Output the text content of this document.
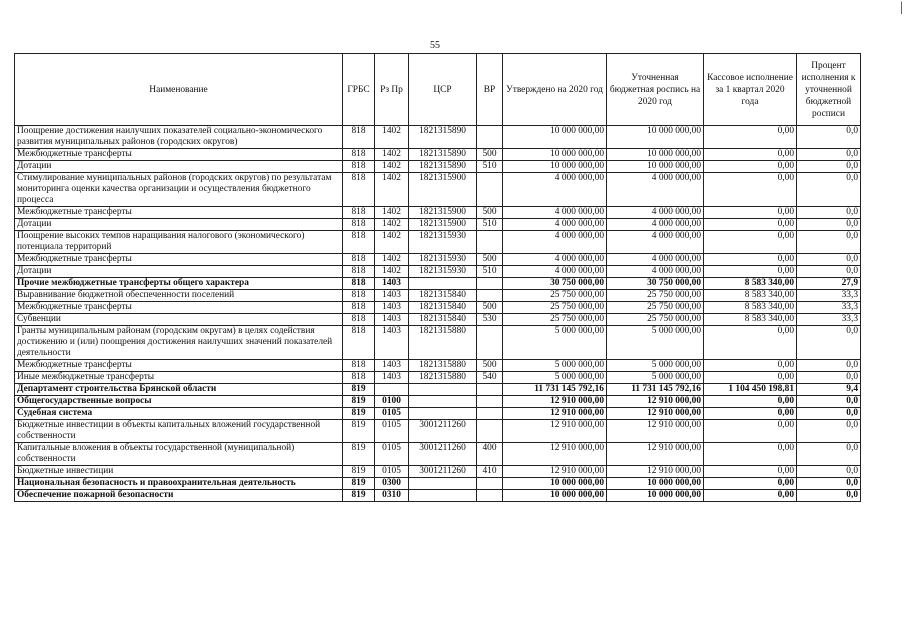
55
|
Наименование	ГРБС	Рз Пр	ЦСР	ВР	Утверждено на 2020 год	Уточненная бюджетная роспись на 2020 год	Кассовое исполнение за 1 квартал 2020 года	Процент исполнения к уточненной бюджетной росписи
Поощрение достижения наилучших показателей социально-экономического развития муниципальных районов (городских округов)	818	1402	1821315890		10 000 000,00	10 000 000,00	0,00	0,0
Межбюджетные трансферты	818	1402	1821315890	500	10 000 000,00	10 000 000,00	0,00	0,0
Дотации	818	1402	1821315890	510	10 000 000,00	10 000 000,00	0,00	0,0
Стимулирование муниципальных районов (городских округов) по результатам мониторинга оценки качества организации и осуществления бюджетного процесса	818	1402	1821315900		4 000 000,00	4 000 000,00	0,00	0,0
Межбюджетные трансферты	818	1402	1821315900	500	4 000 000,00	4 000 000,00	0,00	0,0
Дотации	818	1402	1821315900	510	4 000 000,00	4 000 000,00	0,00	0,0
Поощрение высоких темпов наращивания налогового (экономического) потенциала территорий	818	1402	1821315930		4 000 000,00	4 000 000,00	0,00	0,0
Межбюджетные трансферты	818	1402	1821315930	500	4 000 000,00	4 000 000,00	0,00	0,0
Дотации	818	1402	1821315930	510	4 000 000,00	4 000 000,00	0,00	0,0
Прочие межбюджетные трансферты общего характера	818	1403			30 750 000,00	30 750 000,00	8 583 340,00	27,9
Выравнивание бюджетной обеспеченности поселений	818	1403	1821315840		25 750 000,00	25 750 000,00	8 583 340,00	33,3
Межбюджетные трансферты	818	1403	1821315840	500	25 750 000,00	25 750 000,00	8 583 340,00	33,3
Субвенции	818	1403	1821315840	530	25 750 000,00	25 750 000,00	8 583 340,00	33,3
Гранты муниципальным районам (городским округам) в целях содействия достижению и (или) поощрения достижения наилучших значений показателей деятельности	818	1403	1821315880		5 000 000,00	5 000 000,00	0,00	0,0
Межбюджетные трансферты	818	1403	1821315880	500	5 000 000,00	5 000 000,00	0,00	0,0
Иные межбюджетные трансферты	818	1403	1821315880	540	5 000 000,00	5 000 000,00	0,00	0,0
Департамент строительства Брянской области	819				11 731 145 792,16	11 731 145 792,16	1 104 450 198,81	9,4
Общегосударственные вопросы	819	0100			12 910 000,00	12 910 000,00	0,00	0,0
Судебная система	819	0105			12 910 000,00	12 910 000,00	0,00	0,0
Бюджетные инвестиции в объекты капитальных вложений государственной собственности	819	0105	3001211260		12 910 000,00	12 910 000,00	0,00	0,0
Капитальные вложения в объекты государственной (муниципальной) собственности	819	0105	3001211260	400	12 910 000,00	12 910 000,00	0,00	0,0
Бюджетные инвестиции	819	0105	3001211260	410	12 910 000,00	12 910 000,00	0,00	0,0
Национальная безопасность и правоохранительная деятельность	819	0300			10 000 000,00	10 000 000,00	0,00	0,0
Обеспечение пожарной безопасности	819	0310			10 000 000,00	10 000 000,00	0,00	0,0
